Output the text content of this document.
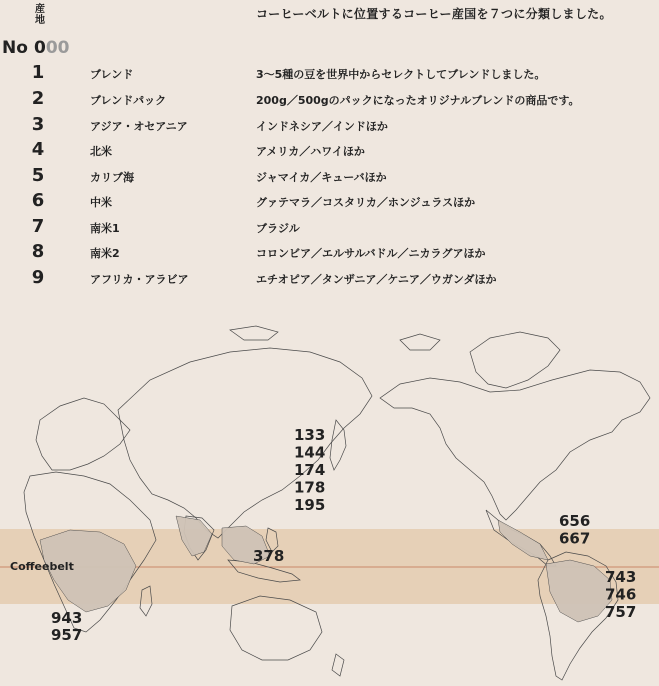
産
地	コーヒーベルトに位置するコーヒー産国を７つに分類しました。
No 000
1	ブレンド	3〜5種の豆を世界中からセレクトしてブレンドしました。
2	ブレンドパック	200g／500gのパックになったオリジナルブレンドの商品です。
3	アジア・オセアニア	インドネシア／インドほか
4	北米	アメリカ／ハワイほか
5	カリブ海	ジャマイカ／キューバほか
6	中米	グァテマラ／コスタリカ／ホンジュラスほか
7	南米1	ブラジル
8	南米2	コロンビア／エルサルバドル／ニカラグアほか
9	アフリカ・アラビア	エチオピア／タンザニア／ケニア／ウガンダほか
943 957
133 144 174 178 195
378
656 667
743 746 757
Coffeebelt
